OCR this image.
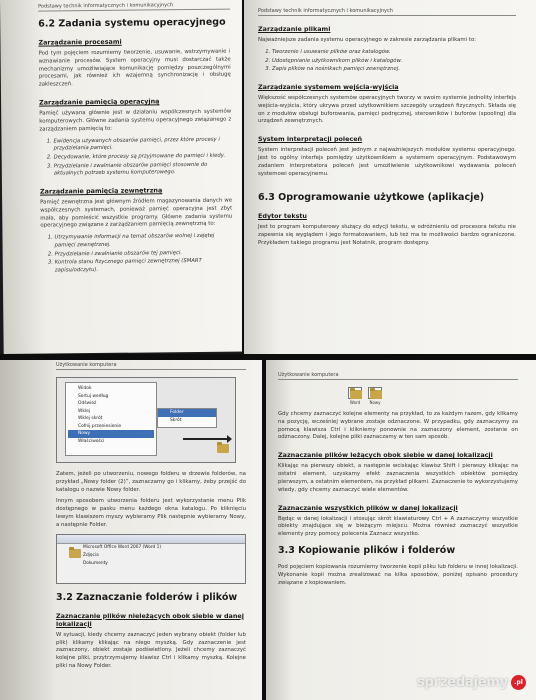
Podstawy technik informatycznych i komunikacyjnych
6.2 Zadania systemu operacyjnego
Zarządzanie procesami
Pod tym pojęciem rozumiemy tworzenie, usuwanie, wstrzymywanie i wznawianie procesów. System operacyjny musi dostarczać także mechanizmy umożliwiające komunikację pomiędzy poszczególnymi procesami, jak również ich wzajemną synchronizację i obsługę zakleszczeń.
Zarządzanie pamięcią operacyjną
Pamięć używana głównie jest w działaniu współczesnych systemów komputerowych. Główne zadania systemu operacyjnego związanego z zarządzaniem pamięcią to:
1. Ewidencja używanych obszarów pamięci, przez które procesy i przydzielania pamięci.
2. Decydowanie, które procesy są przyjmowane do pamięci i kiedy.
3. Przydzielanie i zwalnianie obszarów pamięci stosownie do aktualnych potrzeb systemu komputerowego.
Zarządzanie pamięcią zewnętrzną
Pamięć zewnętrzna jest głównym źródłem magazynowania danych we współczesnych systemach, ponieważ pamięć operacyjna jest zbyt mała, aby pomieścić wszystkie programy. Główne zadania systemu operacyjnego związane z zarządzaniem pamięcią zewnętrzną to:
1. Utrzymywanie informacji na temat obszarów wolnej i zajętej pamięci zewnętrznej.
2. Przydzielanie i zwalnianie obszarów tej pamięci.
3. Kontrola stanu fizycznego pamięci zewnętrznej (SMART zapisu/odczytu).
Podstawy technik informatycznych i komunikacyjnych
Zarządzanie plikami
Najważniejsze zadania systemu operacyjnego w zakresie zarządzania plikami to:
1. Tworzenie i usuwanie plików oraz katalogów.
2. Udostępnianie użytkownikom plików i katalogów.
3. Zapis plików na nośnikach pamięci zewnętrznej.
Zarządzanie systemem wejścia-wyjścia
Większość współczesnych systemów operacyjnych tworzy w swoim systemie jednolity interfejs wejścia-wyjścia, który ukrywa przed użytkownikiem szczegóły urządzeń fizycznych. Składa się on z modułów obsługi buforowania, pamięci podręcznej, sterowników i buforów (spooling) dla urządzeń zewnętrznych.
System interpretacji poleceń
System interpretacji poleceń jest jednym z najważniejszych modułów systemu operacyjnego. Jest to ogólny interfejs pomiędzy użytkownikiem a systemem operacyjnym. Podstawowym zadaniem interpretatora poleceń jest umożliwienie użytkownikowi wydawania poleceń systemowi operacyjnemu.
6.3 Oprogramowanie użytkowe (aplikacje)
Edytor tekstu
Jest to program komputerowy służący do edycji tekstu, w odróżnieniu od procesora tekstu nie zapewnia się wyglądem i jego formatowaniem, lub też ma te możliwości bardzo ograniczone. Przykładem takiego programu jest Notatnik, program dostępny.
Użytkowanie komputera
Widok
Sortuj według
Odśwież
Wklej
Wklej skrót
Cofnij przeniesienie
Nowy
Właściwości
Folder
Skrót
Zatem, jeżeli po utworzeniu, nowego folderu w drzewie folderów, na przykład „Nowy folder (2)”, zaznaczamy go i klikamy, żeby przejść do katalogu o nazwie Nowy folder.
Innym sposobem utworzenia folderu jest wykorzystanie menu Plik dostępnego w pasku menu każdego okna katalogu. Po kliknięciu lewym klawiszem myszy wybieramy Plik następnie wybieramy Nowy, a następnie Folder.
Microsoft Office Word 2007 (Word 1)
Zdjęcia
Dokumenty
3.2 Zaznaczanie folderów i plików
Zaznaczanie plików nieleżących obok siebie w danej lokalizacji
W sytuacji, kiedy chcemy zaznaczyć jeden wybrany obiekt (folder lub plik) klikamy klikając na niego myszką. Gdy zaznaczenie jest zaznaczony, obiekt zostaje podświetlony. Jeżeli chcemy zaznaczyć kolejne pliki, przytrzymujemy klawisz Ctrl i klikamy myszką. Kolejne pliki na Nowy Folder.
Użytkowanie komputera
Word Nowy
Gdy chcemy zaznaczyć kolejne elementy na przykład, to za każdym razem, gdy klikamy na pozycję, wcześniej wybrane zostaje odznaczone. W przypadku, gdy zaznaczymy za pomocą klawisza Ctrl i klikniemy ponownie na zaznaczony element, zostanie on odznaczony. Dalej, kolejne pliki zaznaczamy w ten sam sposób.
Zaznaczanie plików leżących obok siebie w danej lokalizacji
Klikając na pierwszy obiekt, a następnie wciskając klawisz Shift i pierwszy klikając na ostatni element, uzyskamy efekt zaznaczenia wszystkich obiektów pomiędzy pierwszym, a ostatnim elementem, na przykład plikami. Zaznaczenie to wykorzystujemy wtedy, gdy chcemy zaznaczyć wiele elementów.
Zaznaczanie wszystkich plików w danej lokalizacji
Będąc w danej lokalizacji i stosując skrót klawiaturowy Ctrl + A zaznaczymy wszystkie obiekty znajdujące się w bieżącym miejscu. Można również zaznaczyć wszystkie elementy przy pomocy polecenia Zaznacz wszystko.
3.3 Kopiowanie plików i folderów
Pod pojęciem kopiowania rozumiemy tworzenie kopii pliku lub folderu w innej lokalizacji. Wykonanie kopii można zrealizować na kilka sposobów, poniżej opisano procedury związane z kopiowaniem.
sprzedajemy	.pl
